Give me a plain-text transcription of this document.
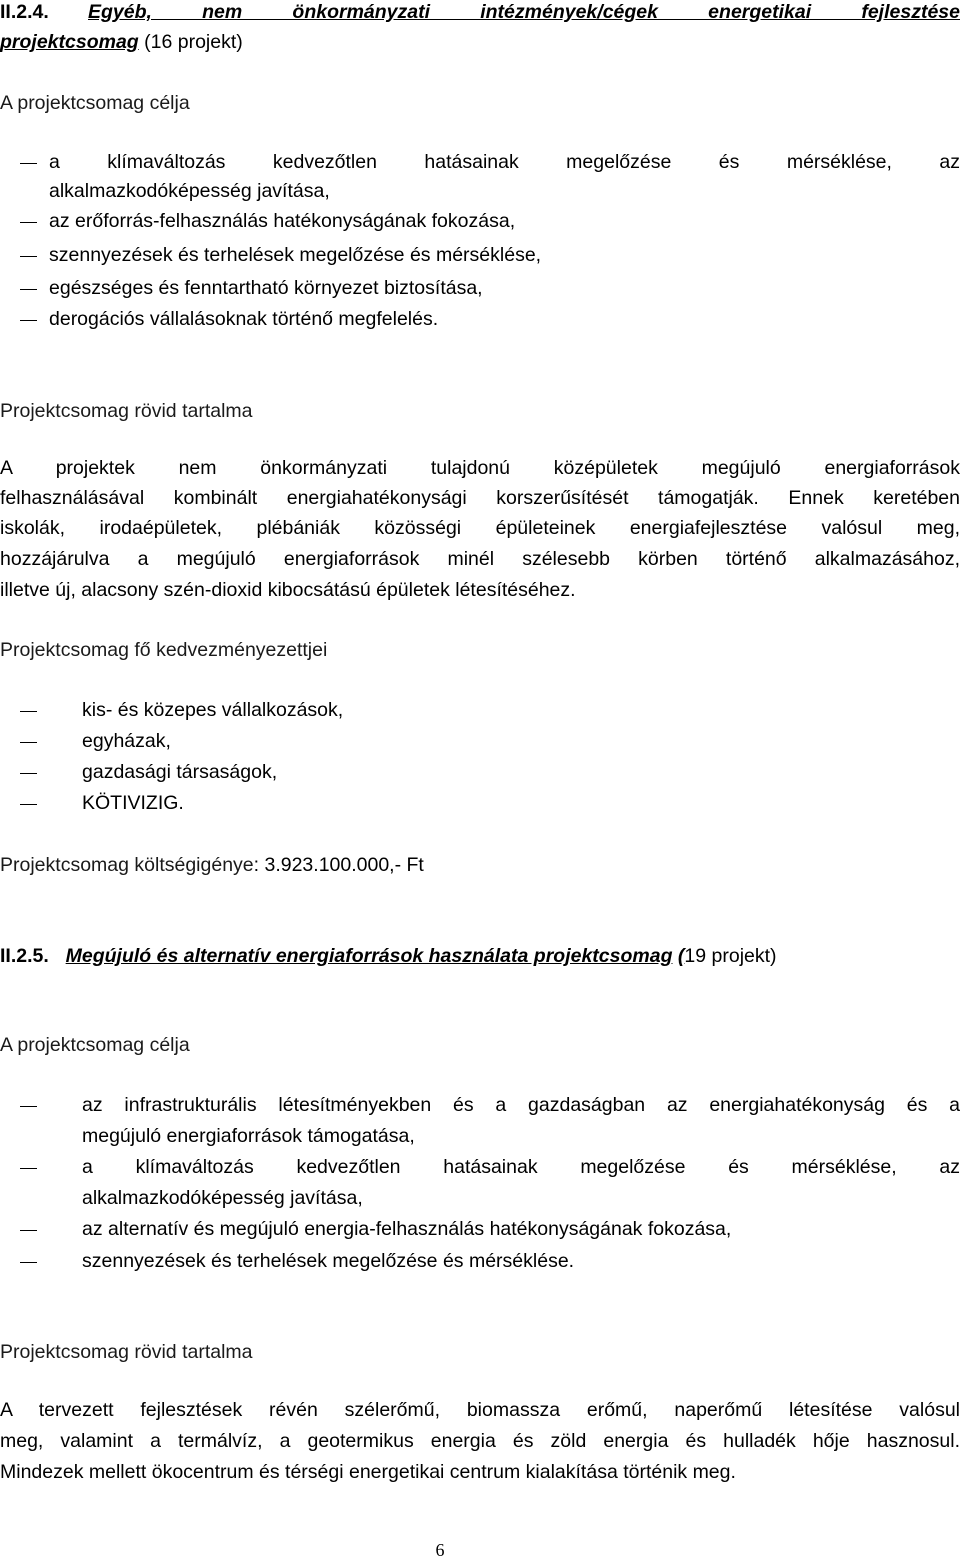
II.2.4. Egyéb, nem önkormányzati intézmények/cégek energetikai fejlesztése
projektcsomag (16 projekt)
A projektcsomag célja
a klímaváltozás kedvezőtlen hatásainak megelőzése és mérséklése, az
alkalmazkodóképesség javítása,
az erőforrás-felhasználás hatékonyságának fokozása,
szennyezések és terhelések megelőzése és mérséklése,
egészséges és fenntartható környezet biztosítása,
derogációs vállalásoknak történő megfelelés.
Projektcsomag rövid tartalma
A projektek nem önkormányzati tulajdonú középületek megújuló energiaforrások
felhasználásával kombinált energiahatékonysági korszerűsítését támogatják. Ennek keretében
iskolák, irodaépületek, plébániák közösségi épületeinek energiafejlesztése valósul meg,
hozzájárulva a megújuló energiaforrások minél szélesebb körben történő alkalmazásához,
illetve új, alacsony szén-dioxid kibocsátású épületek létesítéséhez.
Projektcsomag fő kedvezményezettjei
kis- és közepes vállalkozások,
egyházak,
gazdasági társaságok,
KÖTIVIZIG.
Projektcsomag költségigénye: 3.923.100.000,- Ft
II.2.5. Megújuló és alternatív energiaforrások használata projektcsomag (19 projekt)
A projektcsomag célja
az infrastrukturális létesítményekben és a gazdaságban az energiahatékonyság és a
megújuló energiaforrások támogatása,
a klímaváltozás kedvezőtlen hatásainak megelőzése és mérséklése, az
alkalmazkodóképesség javítása,
az alternatív és megújuló energia-felhasználás hatékonyságának fokozása,
szennyezések és terhelések megelőzése és mérséklése.
Projektcsomag rövid tartalma
A tervezett fejlesztések révén szélerőmű, biomassza erőmű, naperőmű létesítése valósul
meg, valamint a termálvíz, a geotermikus energia és zöld energia és hulladék hője hasznosul.
Mindezek mellett ökocentrum és térségi energetikai centrum kialakítása történik meg.
6
